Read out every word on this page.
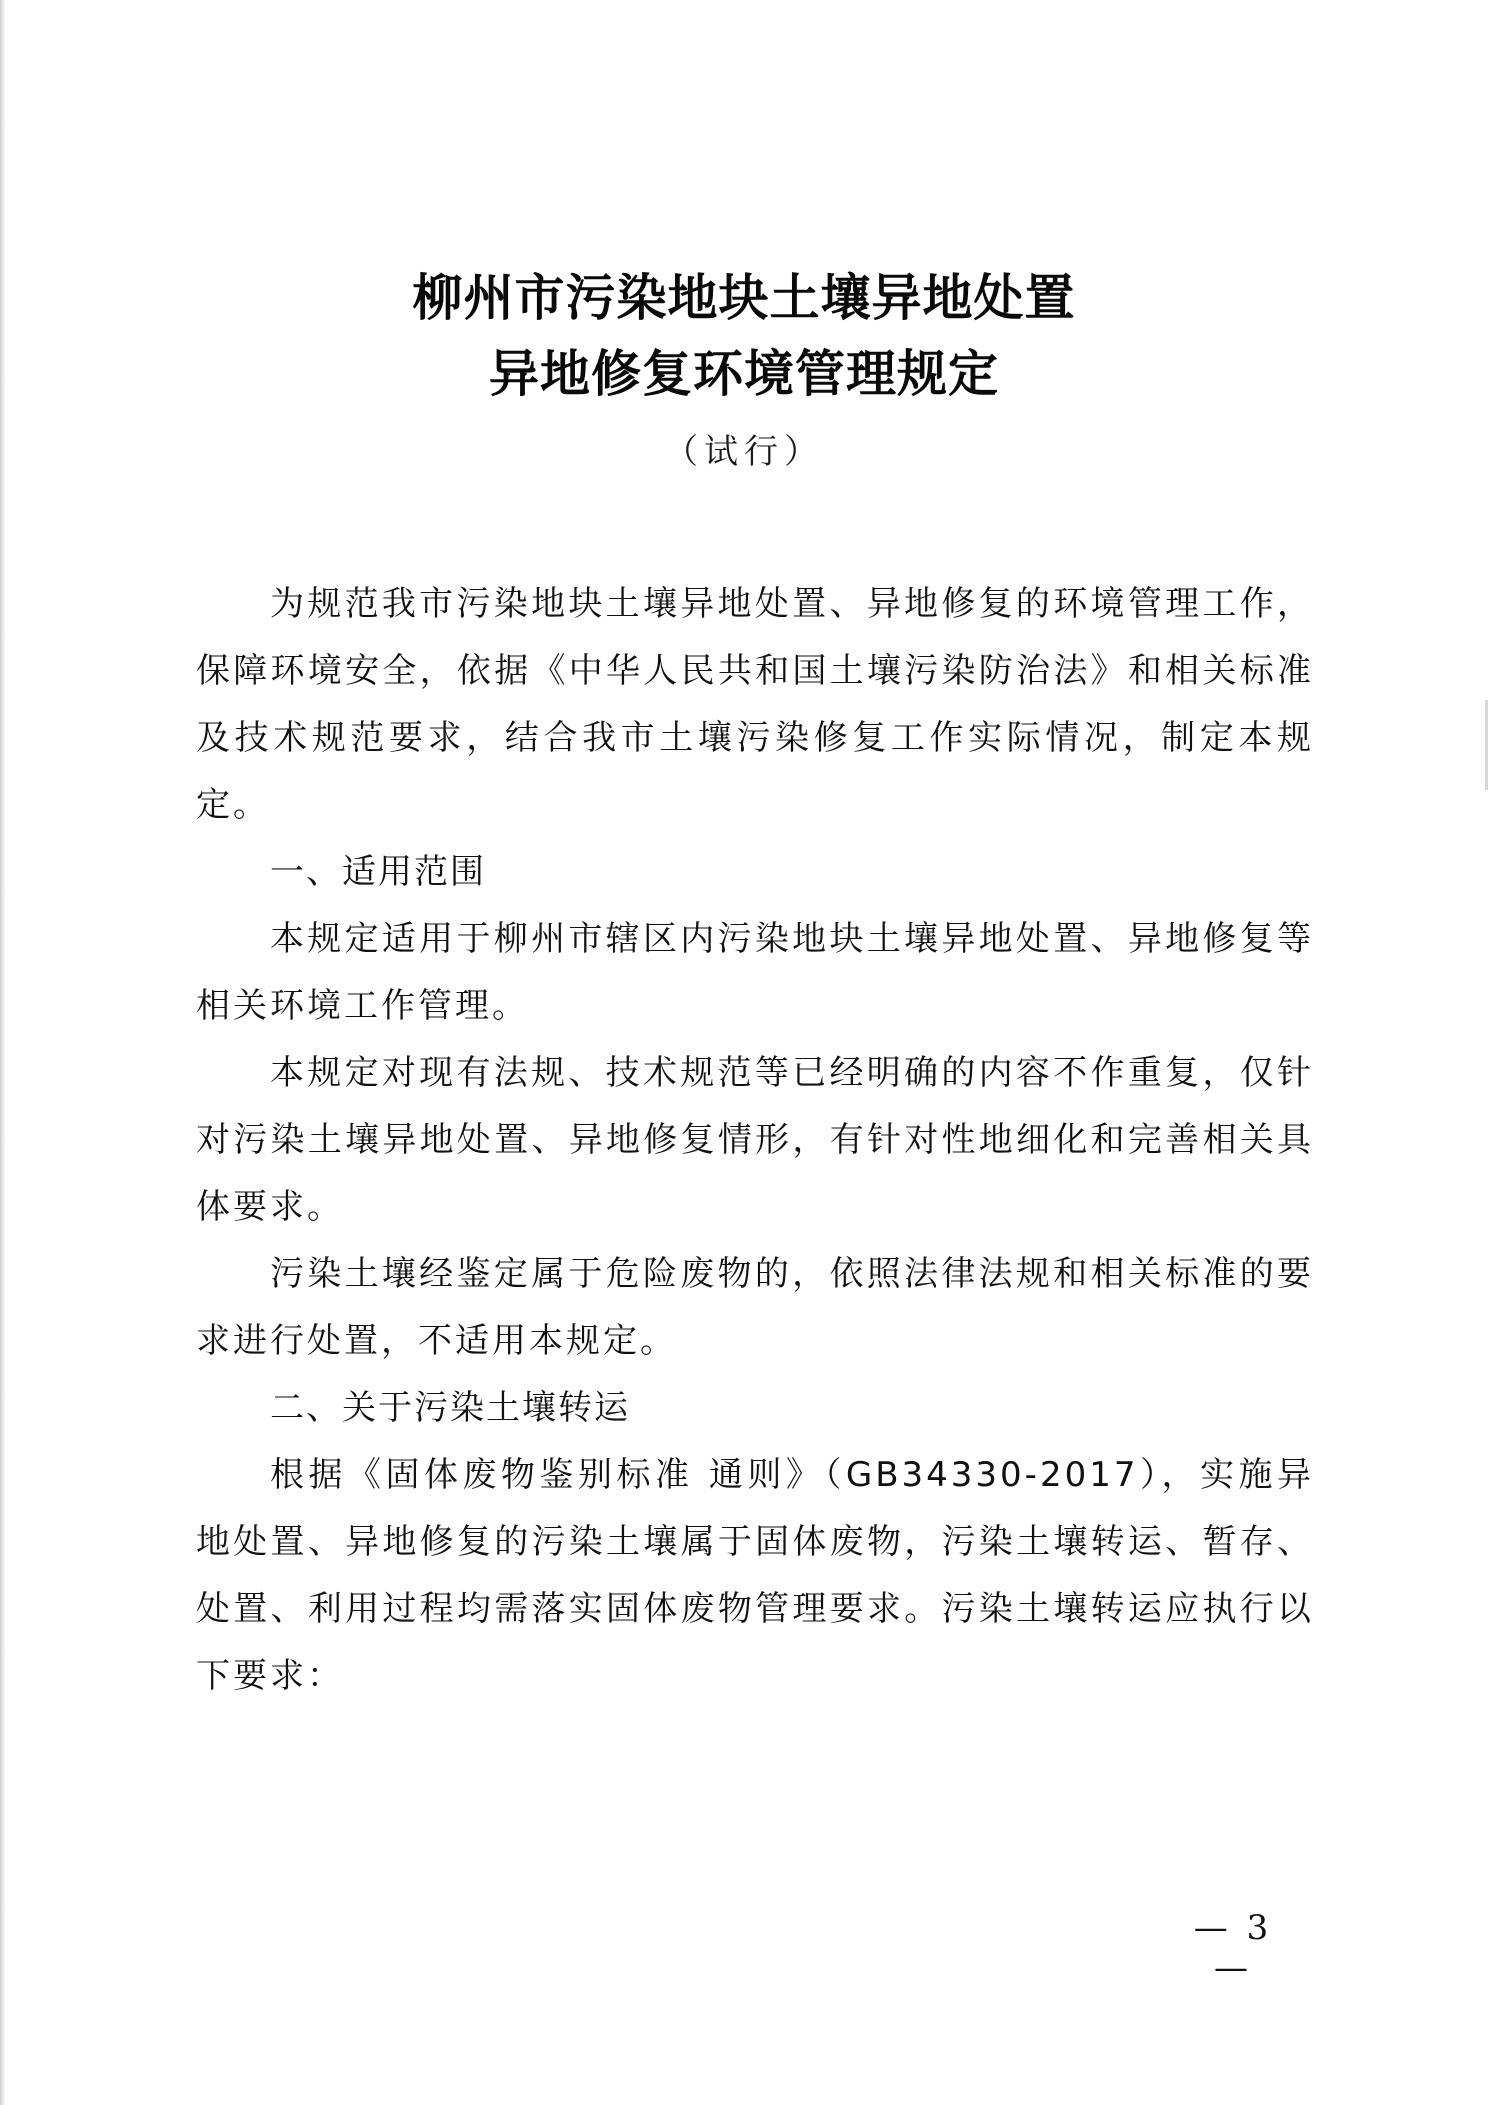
柳州市污染地块土壤异地处置
异地修复环境管理规定
（试行）

为规范我市污染地块土壤异地处置、异地修复的环境管理工作，保障环境安全，依据《中华人民共和国土壤污染防治法》和相关标准及技术规范要求，结合我市土壤污染修复工作实际情况，制定本规定。

一、适用范围

本规定适用于柳州市辖区内污染地块土壤异地处置、异地修复等相关环境工作管理。

本规定对现有法规、技术规范等已经明确的内容不作重复，仅针对污染土壤异地处置、异地修复情形，有针对性地细化和完善相关具体要求。

污染土壤经鉴定属于危险废物的，依照法律法规和相关标准的要求进行处置，不适用本规定。

二、关于污染土壤转运

根据《固体废物鉴别标准 通则》（GB34330-2017），实施异地处置、异地修复的污染土壤属于固体废物，污染土壤转运、暂存、处置、利用过程均需落实固体废物管理要求。污染土壤转运应执行以下要求：

— 3 —
